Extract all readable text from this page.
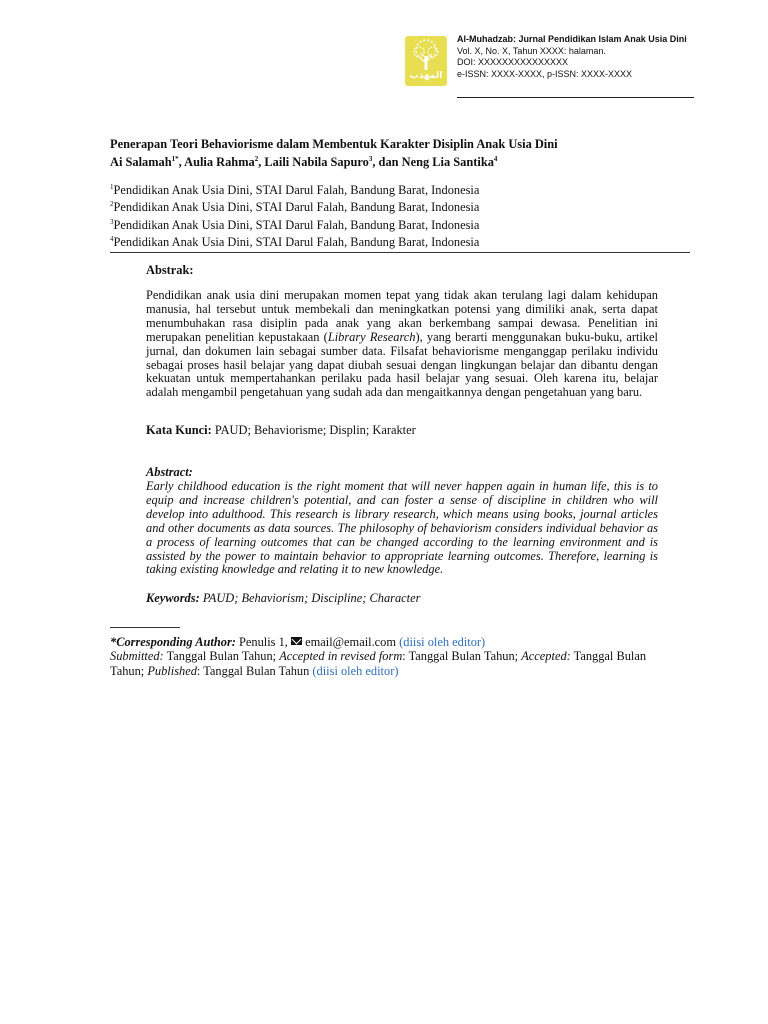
المهذب
Al-Muhadzab: Jurnal Pendidikan Islam Anak Usia Dini
Vol. X, No. X, Tahun XXXX: halaman.
DOI: XXXXXXXXXXXXXXX
e-ISSN: XXXX-XXXX, p-ISSN: XXXX-XXXX
Penerapan Teori Behaviorisme dalam Membentuk Karakter Disiplin Anak Usia Dini
Ai Salamah$^{1*}$, Aulia Rahma$^2$, Laili Nabila Sapuro$^3$, dan Neng Lia Santika$^4$
$^1$Pendidikan Anak Usia Dini, STAI Darul Falah, Bandung Barat, Indonesia
$^2$Pendidikan Anak Usia Dini, STAI Darul Falah, Bandung Barat, Indonesia
$^3$Pendidikan Anak Usia Dini, STAI Darul Falah, Bandung Barat, Indonesia
$^4$Pendidikan Anak Usia Dini, STAI Darul Falah, Bandung Barat, Indonesia
Abstrak:
Pendidikan anak usia dini merupakan momen tepat yang tidak akan terulang lagi dalam kehidupan manusia, hal tersebut untuk membekali dan meningkatkan potensi yang dimiliki anak, serta dapat menumbuhakan rasa disiplin pada anak yang akan berkembang sampai dewasa. Penelitian ini merupakan penelitian kepustakaan (Library Research), yang berarti menggunakan buku-buku, artikel jurnal, dan dokumen lain sebagai sumber data. Filsafat behaviorisme menganggap perilaku individu sebagai proses hasil belajar yang dapat diubah sesuai dengan lingkungan belajar dan dibantu dengan kekuatan untuk mempertahankan perilaku pada hasil belajar yang sesuai. Oleh karena itu, belajar adalah mengambil pengetahuan yang sudah ada dan mengaitkannya dengan pengetahuan yang baru.
Kata Kunci: PAUD; Behaviorisme; Displin; Karakter
Abstract:
Early childhood education is the right moment that will never happen again in human life, this is to equip and increase children's potential, and can foster a sense of discipline in children who will develop into adulthood. This research is library research, which means using books, journal articles and other documents as data sources. The philosophy of behaviorism considers individual behavior as a process of learning outcomes that can be changed according to the learning environment and is assisted by the power to maintain behavior to appropriate learning outcomes. Therefore, learning is taking existing knowledge and relating it to new knowledge.
Keywords: PAUD; Behaviorism; Discipline; Character
*Corresponding Author: Penulis 1, email@email.com (diisi oleh editor)
Submitted: Tanggal Bulan Tahun; Accepted in revised form: Tanggal Bulan Tahun; Accepted: Tanggal Bulan Tahun; Published: Tanggal Bulan Tahun (diisi oleh editor)
